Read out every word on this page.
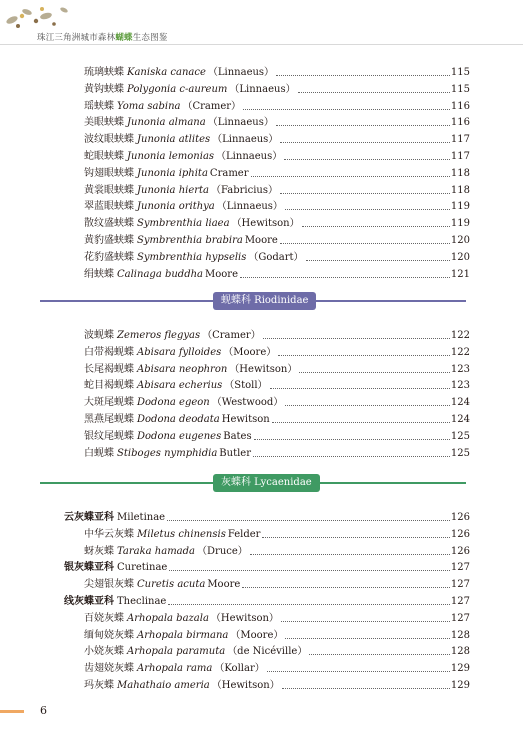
珠江三角洲城市森林蝴蝶生态图鉴
琉璃蛱蝶 Kaniska canace （Linnaeus）	115
黄钩蛱蝶 Polygonia c-aureum （Linnaeus）	115
瑶蛱蝶 Yoma sabina （Cramer）	116
美眼蛱蝶 Junonia almana （Linnaeus）	116
波纹眼蛱蝶 Junonia atlites （Linnaeus）	117
蛇眼蛱蝶 Junonia lemonias （Linnaeus）	117
钩翅眼蛱蝶 Junonia iphita Cramer	118
黄裳眼蛱蝶 Junonia hierta （Fabricius）	118
翠蓝眼蛱蝶 Junonia orithya （Linnaeus）	119
散纹盛蛱蝶 Symbrenthia liaea （Hewitson）	119
黄豹盛蛱蝶 Symbrenthia brabira Moore	120
花豹盛蛱蝶 Symbrenthia hypselis （Godart）	120
绢蛱蝶 Calinaga buddha Moore	121
蚬蝶科 Riodinidae
波蚬蝶 Zemeros flegyas （Cramer）	122
白带褐蚬蝶 Abisara fylloides （Moore）	122
长尾褐蚬蝶 Abisara neophron （Hewitson）	123
蛇目褐蚬蝶 Abisara echerius （Stoll）	123
大斑尾蚬蝶 Dodona egeon （Westwood）	124
黑燕尾蚬蝶 Dodona deodata Hewitson	124
银纹尾蚬蝶 Dodona eugenes Bates	125
白蚬蝶 Stiboges nymphidia Butler	125
灰蝶科 Lycaenidae
云灰蝶亚科 Miletinae	126
中华云灰蝶 Miletus chinensis Felder	126
蚜灰蝶 Taraka hamada （Druce）	126
银灰蝶亚科 Curetinae	127
尖翅银灰蝶 Curetis acuta Moore	127
线灰蝶亚科 Theclinae	127
百娆灰蝶 Arhopala bazala （Hewitson）	127
缅甸娆灰蝶 Arhopala birmana （Moore）	128
小娆灰蝶 Arhopala paramuta （de Nicéville）	128
齿翅娆灰蝶 Arhopala rama （Kollar）	129
玛灰蝶 Mahathaio ameria （Hewitson）	129
6
